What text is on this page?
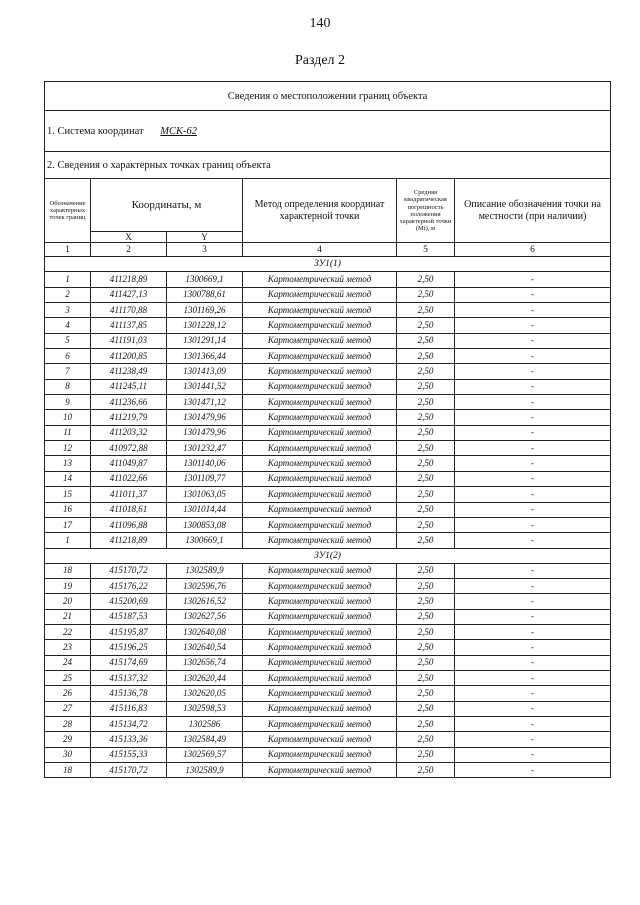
140
Раздел 2
Сведения о местоположении границ объекта					
1. Система координат МСК-62					
2. Сведения о характерных точках границ объекта					
Обозначение характерных точек границ	Координаты, м		Метод определения координат характерной точки	Средняя квадратическая погрешность положения характерной точки (Mt), м	Описание обозначения точки на местности (при наличии)
	X	Y			
1	2	3	4	5	6
ЗУ1(1)					
1	411218,89	1300669,1	Картометрический метод	2,50	-
2	411427,13	1300788,61	Картометрический метод	2,50	-
3	411170,88	1301169,26	Картометрический метод	2,50	-
4	411137,85	1301228,12	Картометрический метод	2,50	-
5	411191,03	1301291,14	Картометрический метод	2,50	-
6	411200,85	1301366,44	Картометрический метод	2,50	-
7	411238,49	1301413,09	Картометрический метод	2,50	-
8	411245,11	1301441,52	Картометрический метод	2,50	-
9	411236,66	1301471,12	Картометрический метод	2,50	-
10	411219,79	1301479,96	Картометрический метод	2,50	-
11	411203,32	1301479,96	Картометрический метод	2,50	-
12	410972,88	1301232,47	Картометрический метод	2,50	-
13	411049,87	1301140,06	Картометрический метод	2,50	-
14	411022,66	1301109,77	Картометрический метод	2,50	-
15	411011,37	1301063,05	Картометрический метод	2,50	-
16	411018,61	1301014,44	Картометрический метод	2,50	-
17	411096,88	1300853,08	Картометрический метод	2,50	-
1	411218,89	1300669,1	Картометрический метод	2,50	-
ЗУ1(2)					
18	415170,72	1302589,9	Картометрический метод	2,50	-
19	415176,22	1302596,76	Картометрический метод	2,50	-
20	415200,69	1302616,52	Картометрический метод	2,50	-
21	415187,53	1302627,56	Картометрический метод	2,50	-
22	415195,87	1302640,08	Картометрический метод	2,50	-
23	415196,25	1302640,54	Картометрический метод	2,50	-
24	415174,69	1302656,74	Картометрический метод	2,50	-
25	415137,32	1302620,44	Картометрический метод	2,50	-
26	415136,78	1302620,05	Картометрический метод	2,50	-
27	415116,83	1302598,53	Картометрический метод	2,50	-
28	415134,72	1302586	Картометрический метод	2,50	-
29	415133,36	1302584,49	Картометрический метод	2,50	-
30	415155,33	1302569,57	Картометрический метод	2,50	-
18	415170,72	1302589,9	Картометрический метод	2,50	-
